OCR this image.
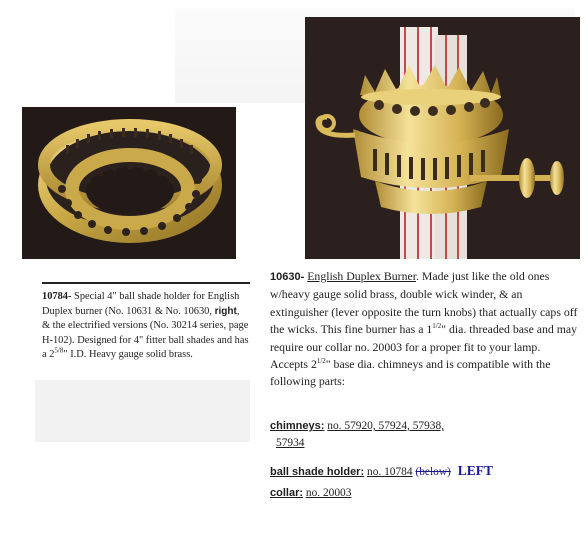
10784- Special 4" ball shade holder for English Duplex burner (No. 10631 & No. 10630, right, & the electrified versions (No. 30214 series, page H-102). Designed for 4" fitter ball shades and has a $2^{5/8}$" I.D. Heavy gauge solid brass.
10630- English Duplex Burner. Made just like the old ones w/heavy gauge solid brass, double wick winder, & an extinguisher (lever opposite the turn knobs) that actually caps off the wicks. This fine burner has a $1^{1/2}$" dia. threaded base and may require our collar no. 20003 for a proper fit to your lamp. Accepts $2^{1/2}$" base dia. chimneys and is compatible with the following parts:
chimneys: no. 57920, 57924, 57938,
57934
ball shade holder: no. 10784 (below) LEFT
collar: no. 20003
